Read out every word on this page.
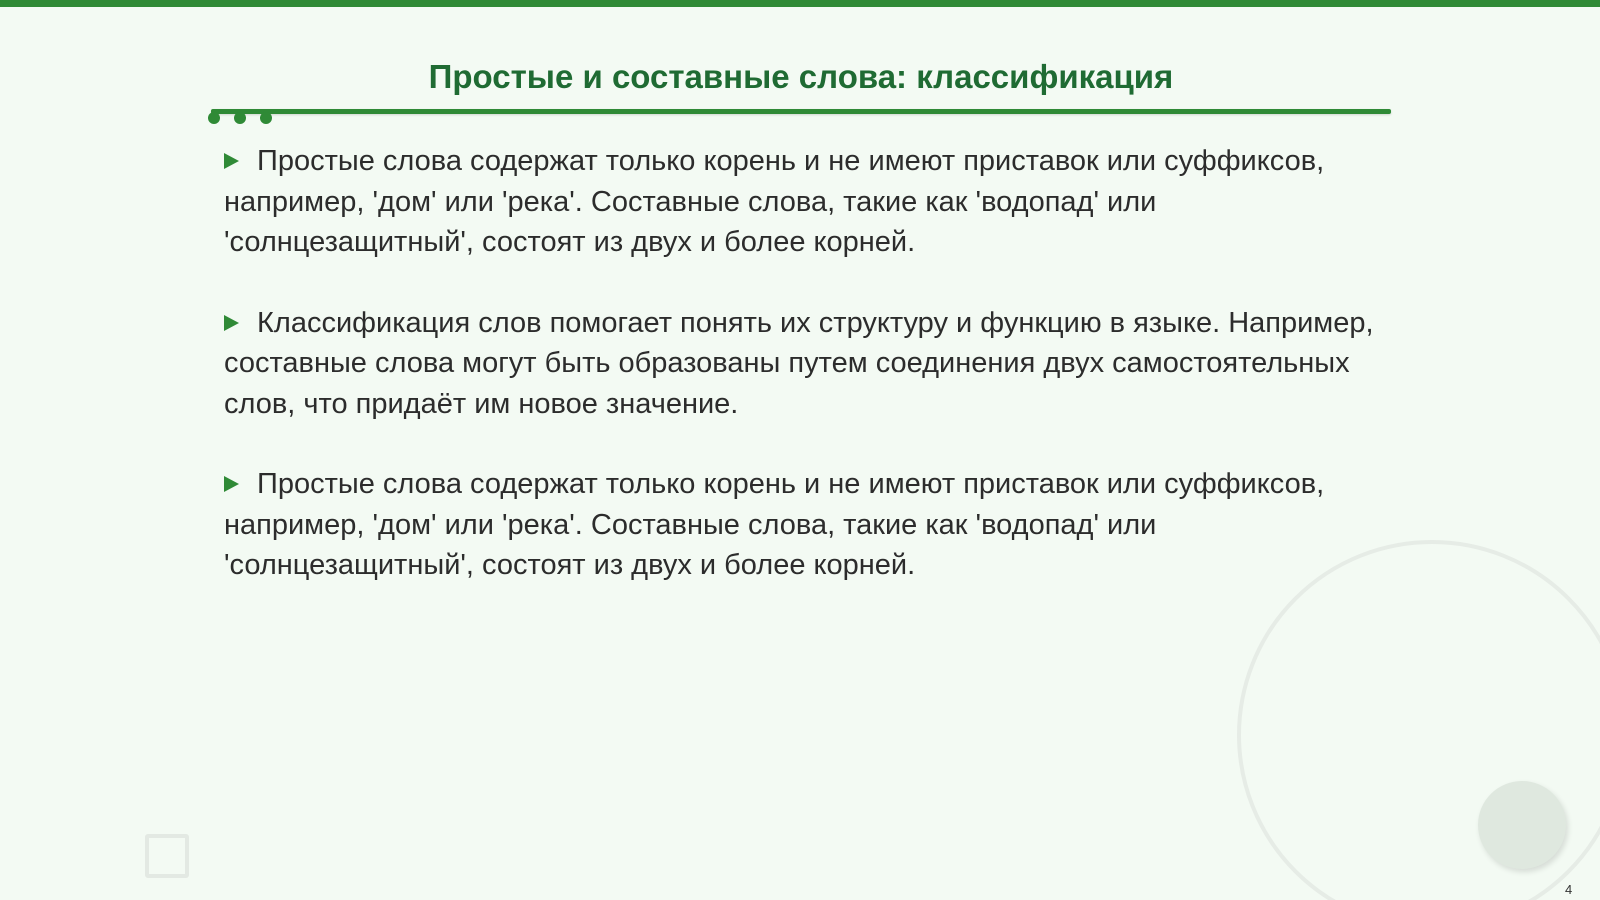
Простые и составные слова: классификация
Простые слова содержат только корень и не имеют приставок или суффиксов, например, 'дом' или 'река'. Составные слова, такие как 'водопад' или 'солнцезащитный', состоят из двух и более корней.
Классификация слов помогает понять их структуру и функцию в языке. Например, составные слова могут быть образованы путем соединения двух самостоятельных слов, что придаёт им новое значение.
Простые слова содержат только корень и не имеют приставок или суффиксов, например, 'дом' или 'река'. Составные слова, такие как 'водопад' или 'солнцезащитный', состоят из двух и более корней.
4
